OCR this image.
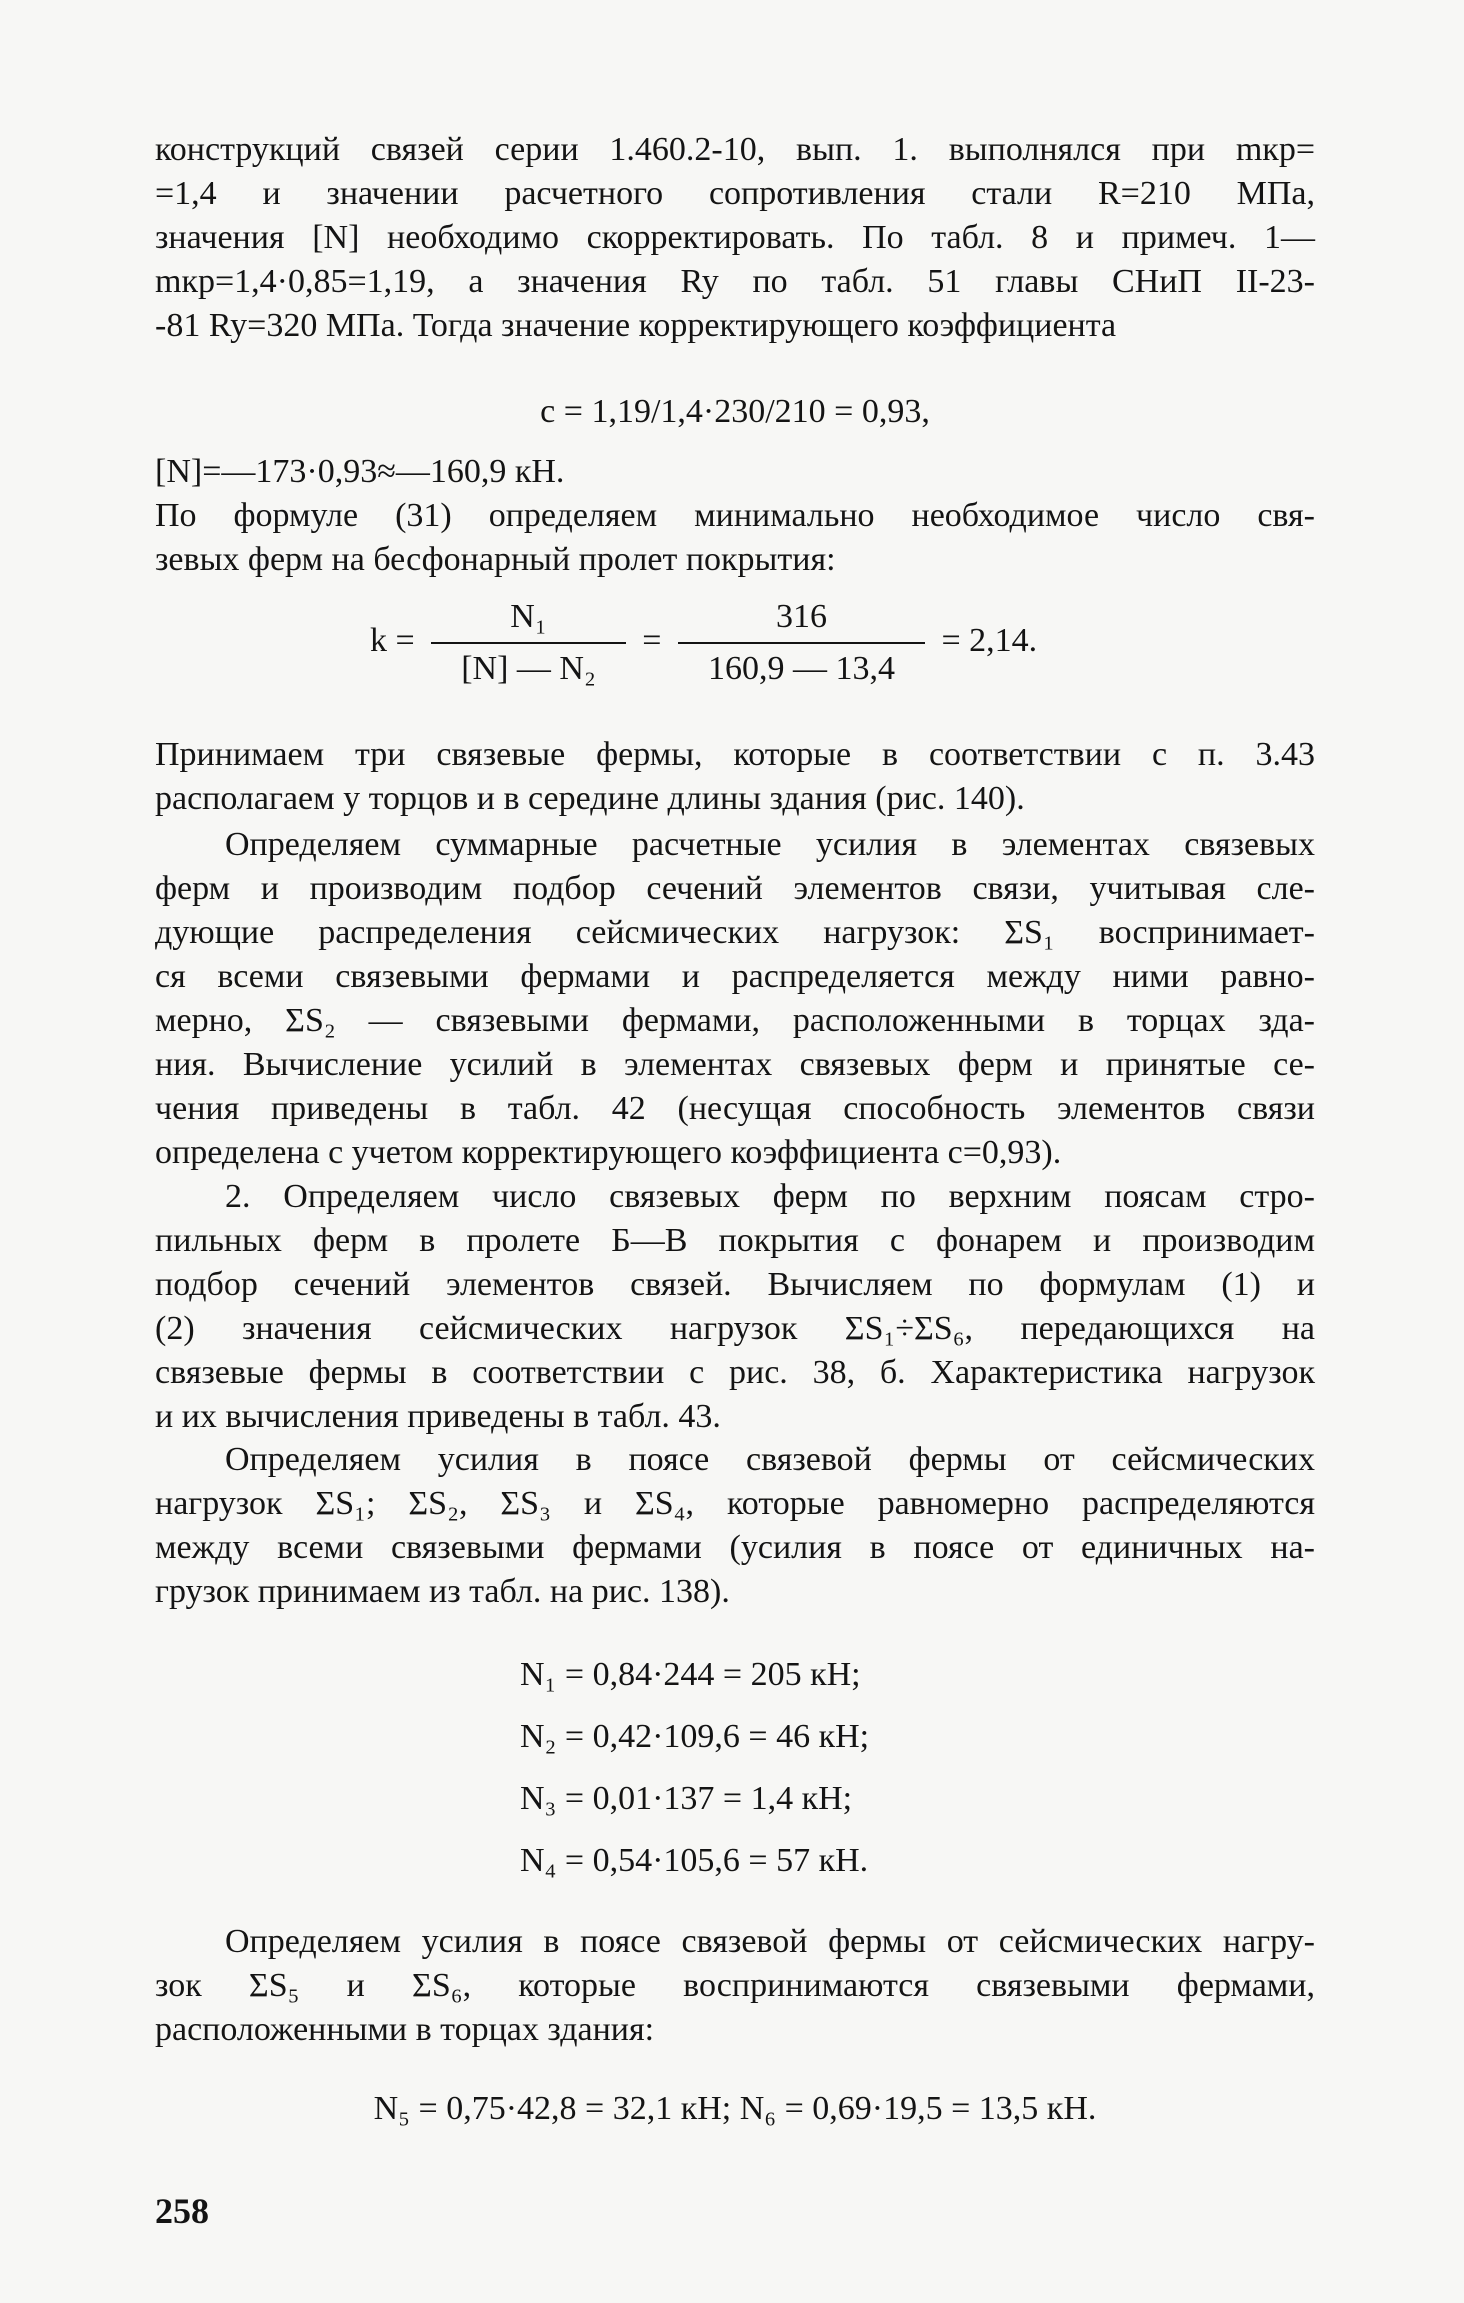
конструкций связей серии 1.460.2-10, вып. 1. выполнялся при mкр=
=1,4 и значении расчетного сопротивления стали R=210 МПа,
значения [N] необходимо скорректировать. По табл. 8 и примеч. 1—
mкр=1,4·0,85=1,19, а значения Ry по табл. 51 главы СНиП II-23-
-81 Ry=320 МПа. Тогда значение корректирующего коэффициента
c = 1,19/1,4·230/210 = 0,93,
[N]=—173·0,93≈—160,9 кН.
По формуле (31) определяем минимально необходимое число свя-
зевых ферм на бесфонарный пролет покрытия:
$k = \frac{\text{N₁}}{\text{[N] — N₂}} = \frac{316}{160,9 — 13,4} = 2,14$.
Принимаем три связевые фермы, которые в соответствии с п. 3.43
располагаем у торцов и в середине длины здания (рис. 140).
Определяем суммарные расчетные усилия в элементах связевых
ферм и производим подбор сечений элементов связи, учитывая сле-
дующие распределения сейсмических нагрузок: ΣS₁ воспринимает-
ся всеми связевыми фермами и распределяется между ними равно-
мерно, ΣS₂ — связевыми фермами, расположенными в торцах зда-
ния. Вычисление усилий в элементах связевых ферм и принятые се-
чения приведены в табл. 42 (несущая способность элементов связи
определена с учетом корректирующего коэффициента c=0,93).
2. Определяем число связевых ферм по верхним поясам стро-
пильных ферм в пролете Б—В покрытия с фонарем и производим
подбор сечений элементов связей. Вычисляем по формулам (1) и
(2) значения сейсмических нагрузок ΣS₁÷ΣS₆, передающихся на
связевые фермы в соответствии с рис. 38, б. Характеристика нагрузок
и их вычисления приведены в табл. 43.
Определяем усилия в поясе связевой фермы от сейсмических
нагрузок ΣS₁; ΣS₂, ΣS₃ и ΣS₄, которые равномерно распределяются
между всеми связевыми фермами (усилия в поясе от единичных на-
грузок принимаем из табл. на рис. 138).
N₁ = 0,84·244 = 205 кН;
N₂ = 0,42·109,6 = 46 кН;
N₃ = 0,01·137 = 1,4 кН;
N₄ = 0,54·105,6 = 57 кН.
Определяем усилия в поясе связевой фермы от сейсмических нагру-
зок ΣS₅ и ΣS₆, которые воспринимаются связевыми фермами,
расположенными в торцах здания:
N₅ = 0,75·42,8 = 32,1 кН; N₆ = 0,69·19,5 = 13,5 кН.
258
